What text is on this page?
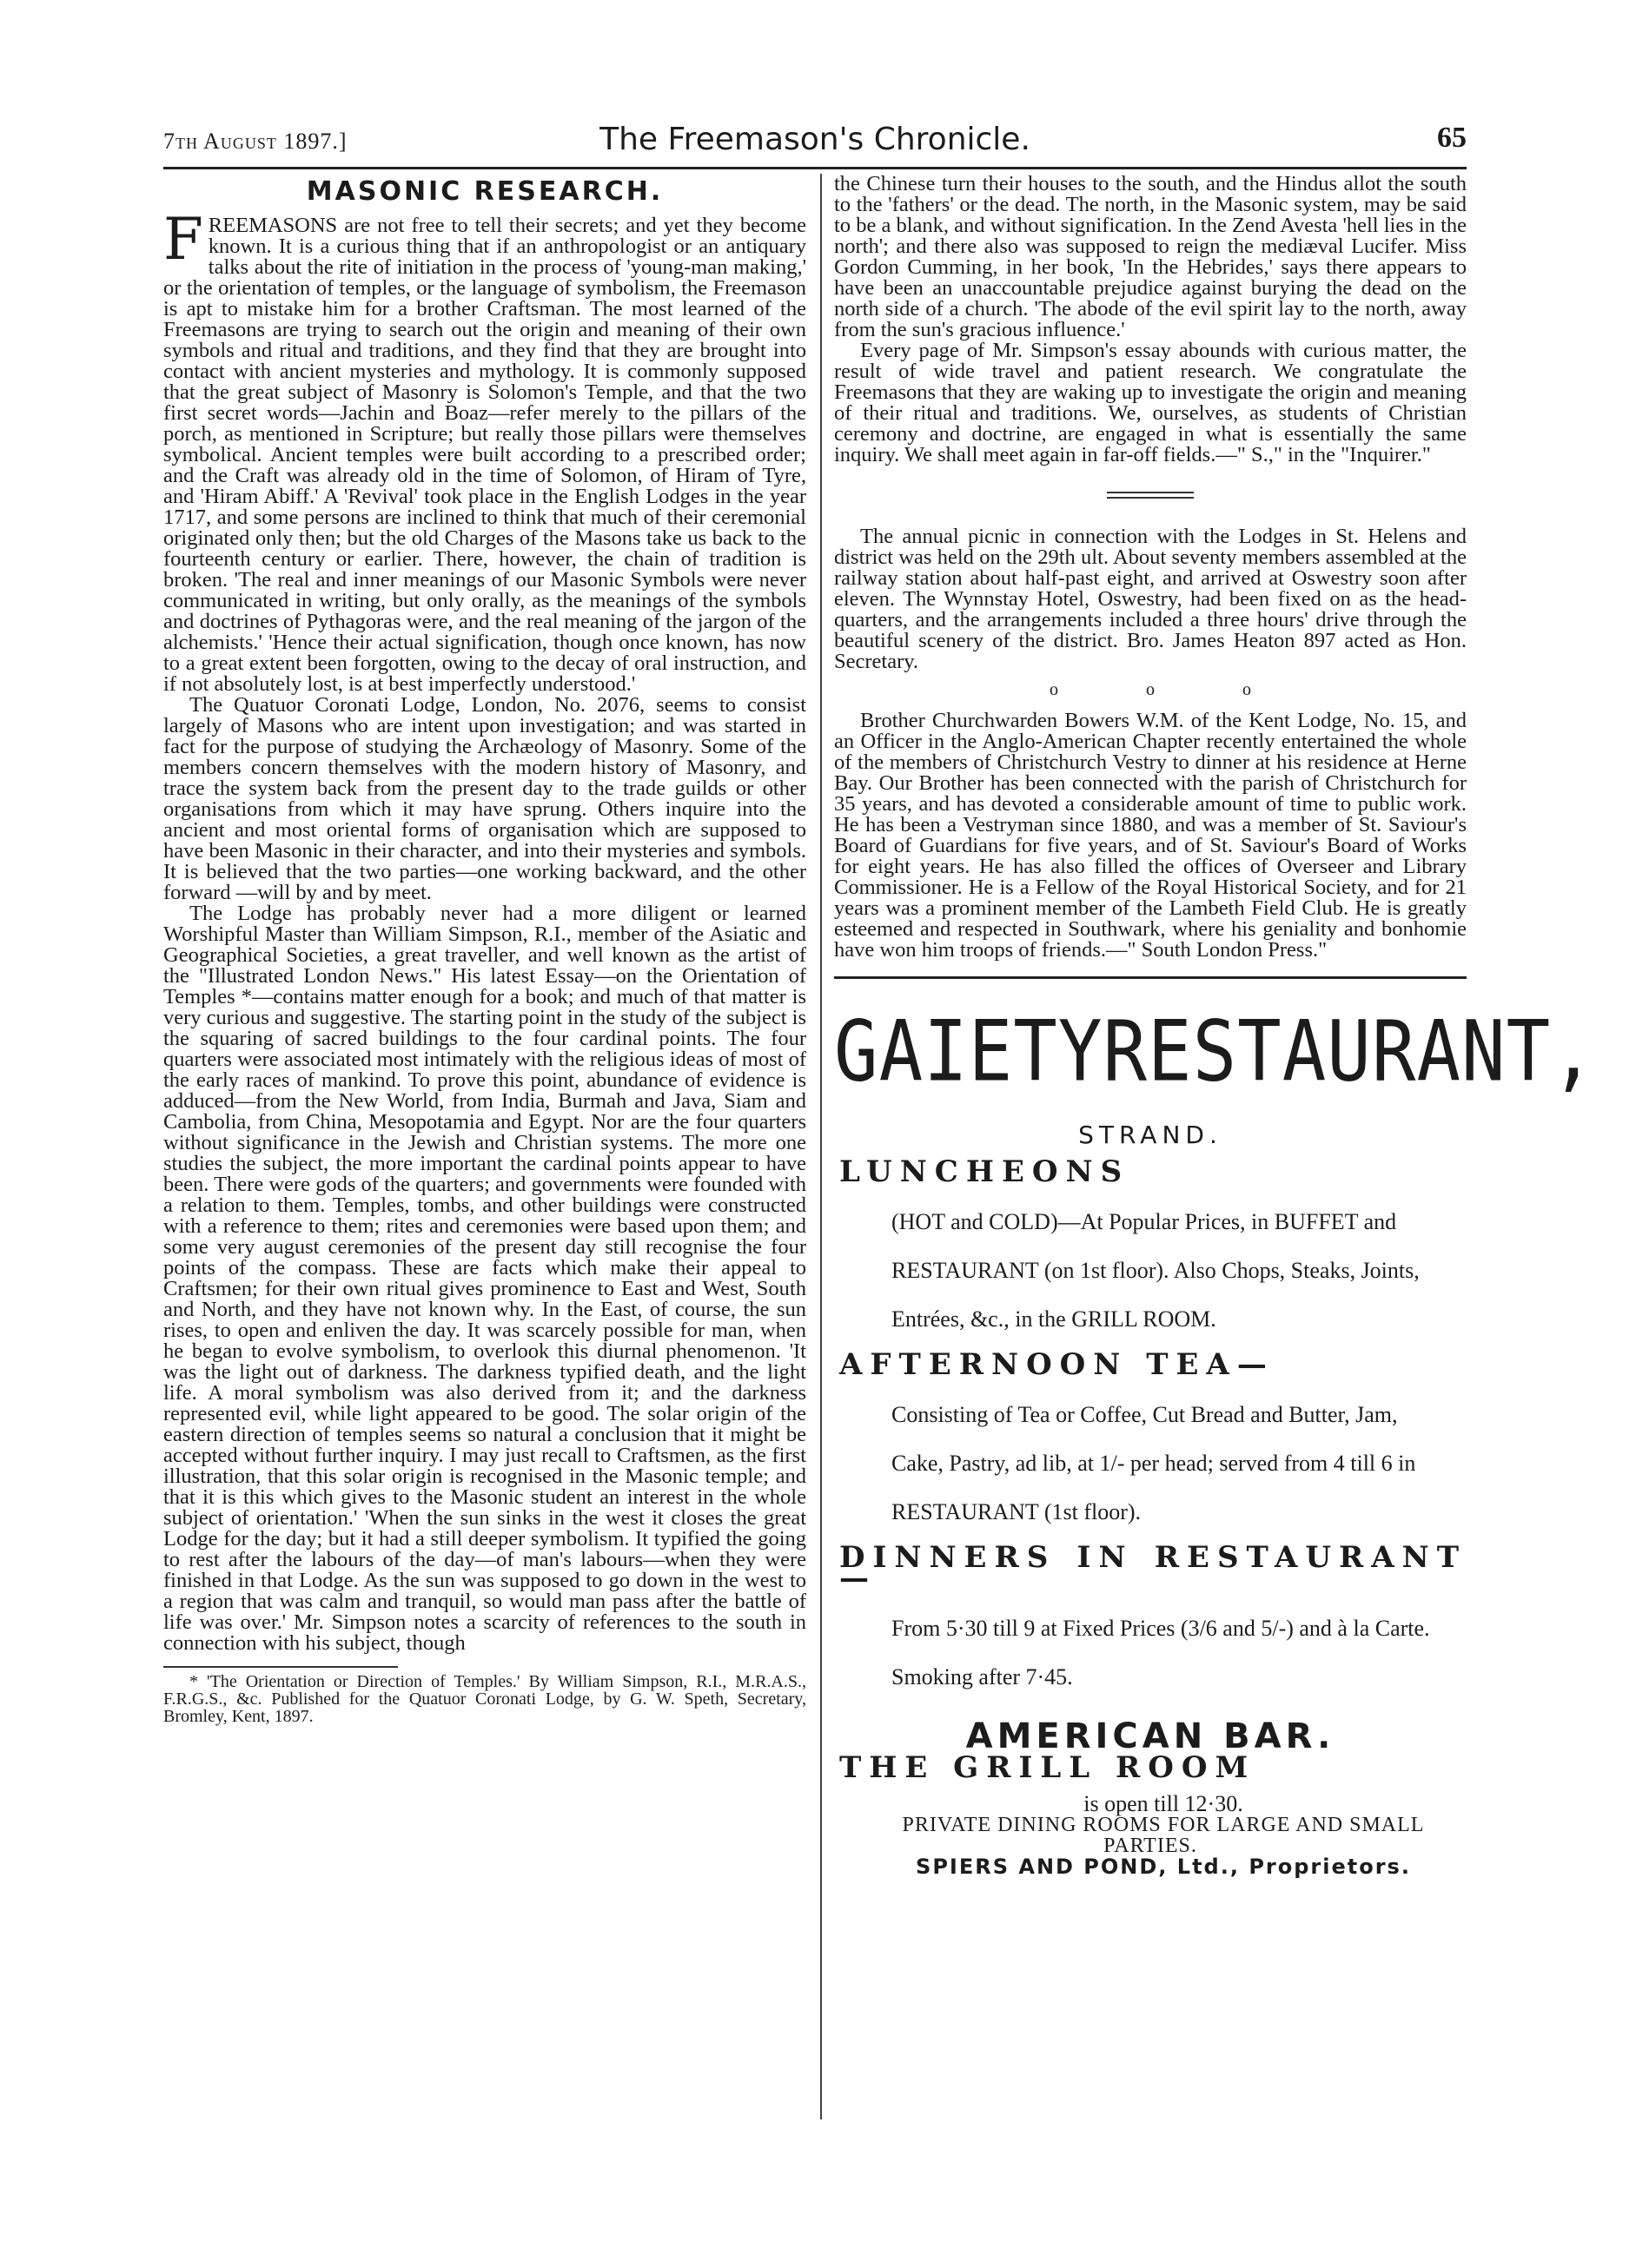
7th August 1897.]	The Freemason's Chronicle.	65
MASONIC RESEARCH.

FREEMASONS are not free to tell their secrets; and yet they become known. It is a curious thing that if an anthropologist or an antiquary talks about the rite of initiation in the process of 'young-man making,' or the orientation of temples, or the language of symbolism, the Freemason is apt to mistake him for a brother Craftsman. The most learned of the Freemasons are trying to search out the origin and meaning of their own symbols and ritual and traditions, and they find that they are brought into contact with ancient mysteries and mythology. It is commonly supposed that the great subject of Masonry is Solomon's Temple, and that the two first secret words—Jachin and Boaz—refer merely to the pillars of the porch, as mentioned in Scripture; but really those pillars were themselves symbolical. Ancient temples were built according to a prescribed order; and the Craft was already old in the time of Solomon, of Hiram of Tyre, and 'Hiram Abiff.' A 'Revival' took place in the English Lodges in the year 1717, and some persons are inclined to think that much of their ceremonial originated only then; but the old Charges of the Masons take us back to the fourteenth century or earlier. There, however, the chain of tradition is broken. 'The real and inner meanings of our Masonic Symbols were never communicated in writing, but only orally, as the meanings of the symbols and doctrines of Pythagoras were, and the real meaning of the jargon of the alchemists.' 'Hence their actual signification, though once known, has now to a great extent been forgotten, owing to the decay of oral instruction, and if not absolutely lost, is at best imperfectly understood.'

The Quatuor Coronati Lodge, London, No. 2076, seems to consist largely of Masons who are intent upon investigation; and was started in fact for the purpose of studying the Archæology of Masonry. Some of the members concern themselves with the modern history of Masonry, and trace the system back from the present day to the trade guilds or other organisations from which it may have sprung. Others inquire into the ancient and most oriental forms of organisation which are supposed to have been Masonic in their character, and into their mysteries and symbols. It is believed that the two parties—one working backward, and the other forward —will by and by meet.

The Lodge has probably never had a more diligent or learned Worshipful Master than William Simpson, R.I., member of the Asiatic and Geographical Societies, a great traveller, and well known as the artist of the "Illustrated London News." His latest Essay—on the Orientation of Temples *—contains matter enough for a book; and much of that matter is very curious and suggestive. The starting point in the study of the subject is the squaring of sacred buildings to the four cardinal points. The four quarters were associated most intimately with the religious ideas of most of the early races of mankind. To prove this point, abundance of evidence is adduced—from the New World, from India, Burmah and Java, Siam and Cambolia, from China, Mesopotamia and Egypt. Nor are the four quarters without significance in the Jewish and Christian systems. The more one studies the subject, the more important the cardinal points appear to have been. There were gods of the quarters; and governments were founded with a relation to them. Temples, tombs, and other buildings were constructed with a reference to them; rites and ceremonies were based upon them; and some very august ceremonies of the present day still recognise the four points of the compass. These are facts which make their appeal to Craftsmen; for their own ritual gives prominence to East and West, South and North, and they have not known why. In the East, of course, the sun rises, to open and enliven the day. It was scarcely possible for man, when he began to evolve symbolism, to overlook this diurnal phenomenon. 'It was the light out of darkness. The darkness typified death, and the light life. A moral symbolism was also derived from it; and the darkness represented evil, while light appeared to be good. The solar origin of the eastern direction of temples seems so natural a conclusion that it might be accepted without further inquiry. I may just recall to Craftsmen, as the first illustration, that this solar origin is recognised in the Masonic temple; and that it is this which gives to the Masonic student an interest in the whole subject of orientation.' 'When the sun sinks in the west it closes the great Lodge for the day; but it had a still deeper symbolism. It typified the going to rest after the labours of the day—of man's labours—when they were finished in that Lodge. As the sun was supposed to go down in the west to a region that was calm and tranquil, so would man pass after the battle of life was over.' Mr. Simpson notes a scarcity of references to the south in connection with his subject, though

* 'The Orientation or Direction of Temples.' By William Simpson, R.I., M.R.A.S., F.R.G.S., &c. Published for the Quatuor Coronati Lodge, by G. W. Speth, Secretary, Bromley, Kent, 1897.

the Chinese turn their houses to the south, and the Hindus allot the south to the 'fathers' or the dead. The north, in the Masonic system, may be said to be a blank, and without signification. In the Zend Avesta 'hell lies in the north'; and there also was supposed to reign the mediæval Lucifer. Miss Gordon Cumming, in her book, 'In the Hebrides,' says there appears to have been an unaccountable prejudice against burying the dead on the north side of a church. 'The abode of the evil spirit lay to the north, away from the sun's gracious influence.'

Every page of Mr. Simpson's essay abounds with curious matter, the result of wide travel and patient research. We congratulate the Freemasons that they are waking up to investigate the origin and meaning of their ritual and traditions. We, ourselves, as students of Christian ceremony and doctrine, are engaged in what is essentially the same inquiry. We shall meet again in far-off fields.—" S.," in the "Inquirer."

The annual picnic in connection with the Lodges in St. Helens and district was held on the 29th ult. About seventy members assembled at the railway station about half-past eight, and arrived at Oswestry soon after eleven. The Wynnstay Hotel, Oswestry, had been fixed on as the head-quarters, and the arrangements included a three hours' drive through the beautiful scenery of the district. Bro. James Heaton 897 acted as Hon. Secretary.

o o o

Brother Churchwarden Bowers W.M. of the Kent Lodge, No. 15, and an Officer in the Anglo-American Chapter recently entertained the whole of the members of Christchurch Vestry to dinner at his residence at Herne Bay. Our Brother has been connected with the parish of Christchurch for 35 years, and has devoted a considerable amount of time to public work. He has been a Vestryman since 1880, and was a member of St. Saviour's Board of Guardians for five years, and of St. Saviour's Board of Works for eight years. He has also filled the offices of Overseer and Library Commissioner. He is a Fellow of the Royal Historical Society, and for 21 years was a prominent member of the Lambeth Field Club. He is greatly esteemed and respected in Southwark, where his geniality and bonhomie have won him troops of friends.—" South London Press."

GAIETY RESTAURANT,
STRAND.
LUNCHEONS

(HOT and COLD)—At Popular Prices, in BUFFET and

RESTAURANT (on 1st floor). Also Chops, Steaks, Joints,

Entrées, &c., in the GRILL ROOM.

AFTERNOON TEA—

Consisting of Tea or Coffee, Cut Bread and Butter, Jam,

Cake, Pastry, ad lib, at 1/- per head; served from 4 till 6 in

RESTAURANT (1st floor).

DINNERS IN RESTAURANT—

From 5·30 till 9 at Fixed Prices (3/6 and 5/-) and à la Carte.

Smoking after 7·45.

AMERICAN BAR.
THE GRILL ROOM

is open till 12·30.

PRIVATE DINING ROOMS FOR LARGE AND SMALL PARTIES.

SPIERS AND POND, Ltd., Proprietors.
